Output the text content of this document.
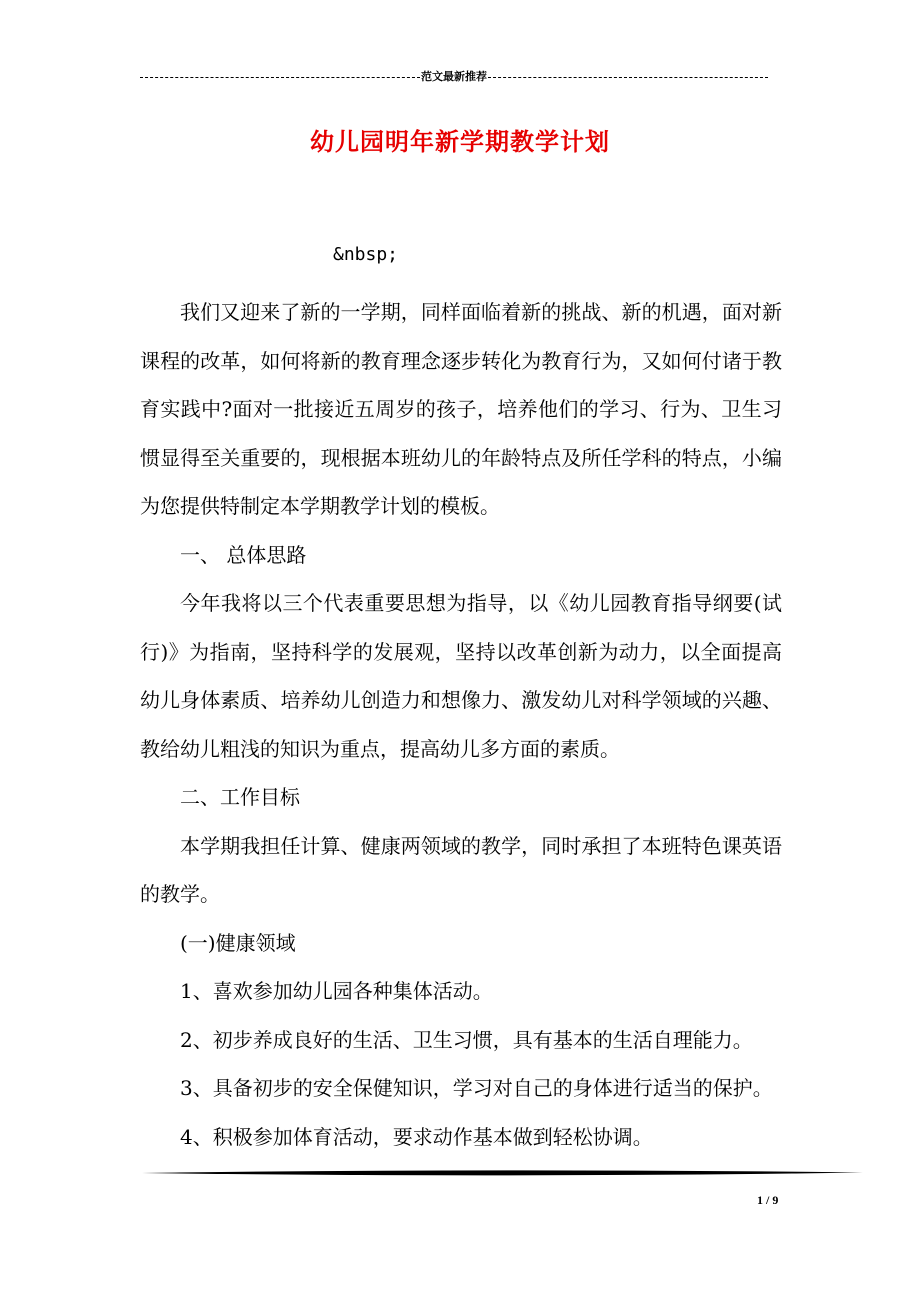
范文最新推荐
幼儿园明年新学期教学计划
&nbsp;

我们又迎来了新的一学期，同样面临着新的挑战、新的机遇，面对新课程的改革，如何将新的教育理念逐步转化为教育行为，又如何付诸于教育实践中?面对一批接近五周岁的孩子，培养他们的学习、行为、卫生习惯显得至关重要的，现根据本班幼儿的年龄特点及所任学科的特点，小编为您提供特制定本学期教学计划的模板。

一、 总体思路

今年我将以三个代表重要思想为指导，以《幼儿园教育指导纲要(试行)》为指南，坚持科学的发展观，坚持以改革创新为动力，以全面提高幼儿身体素质、培养幼儿创造力和想像力、激发幼儿对科学领域的兴趣、教给幼儿粗浅的知识为重点，提高幼儿多方面的素质。

二、工作目标

本学期我担任计算、健康两领域的教学，同时承担了本班特色课英语的教学。

(一)健康领域

1、喜欢参加幼儿园各种集体活动。

2、初步养成良好的生活、卫生习惯，具有基本的生活自理能力。

3、具备初步的安全保健知识，学习对自己的身体进行适当的保护。

4、积极参加体育活动，要求动作基本做到轻松协调。

1 / 9
